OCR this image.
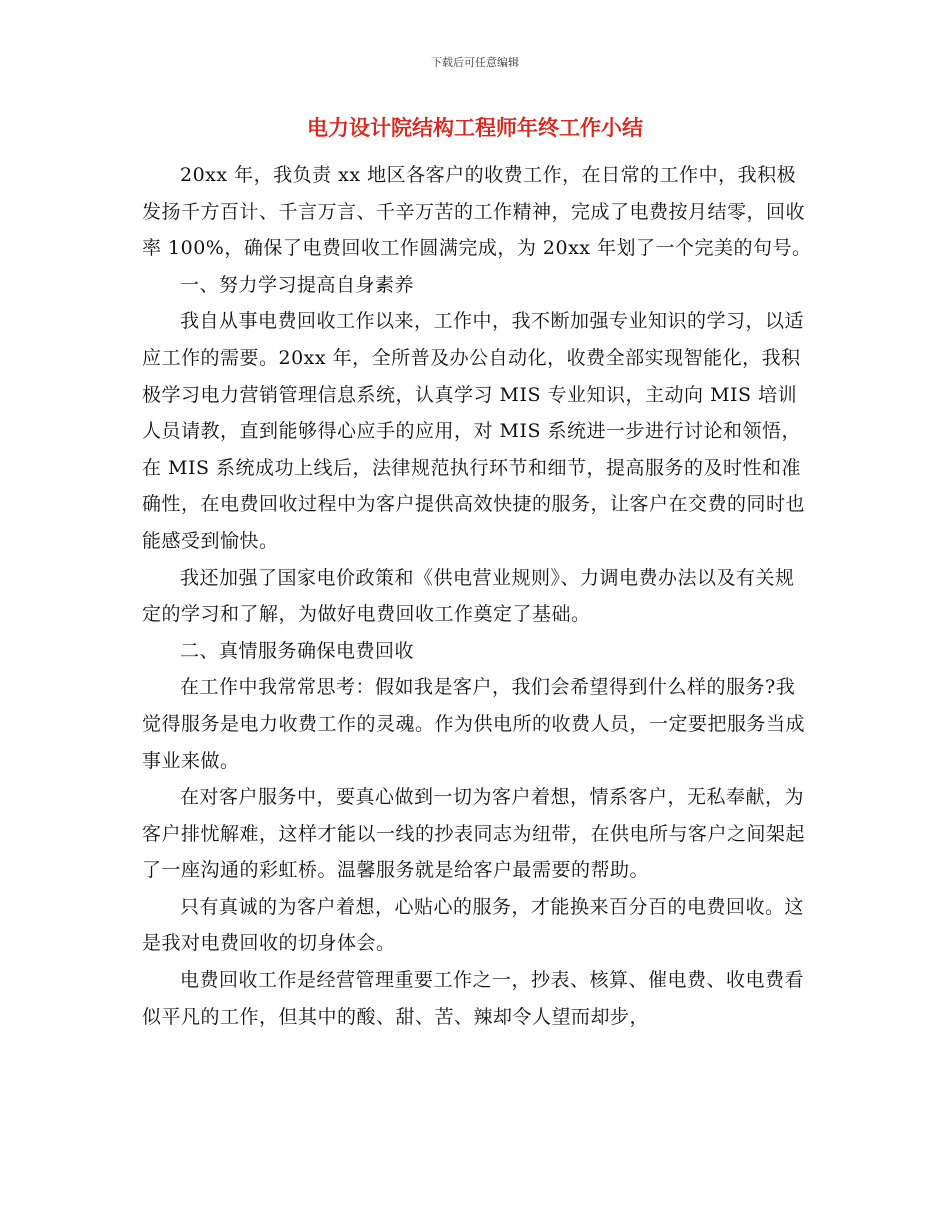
下载后可任意编辑
电力设计院结构工程师年终工作小结

20xx 年，我负责 xx 地区各客户的收费工作，在日常的工作中，我积极发扬千方百计、千言万言、千辛万苦的工作精神，完成了电费按月结零，回收率 100%，确保了电费回收工作圆满完成，为 20xx 年划了一个完美的句号。

一、努力学习提高自身素养

我自从事电费回收工作以来，工作中，我不断加强专业知识的学习，以适应工作的需要。20xx 年，全所普及办公自动化，收费全部实现智能化，我积极学习电力营销管理信息系统，认真学习 MIS 专业知识，主动向 MIS 培训人员请教，直到能够得心应手的应用，对 MIS 系统进一步进行讨论和领悟，在 MIS 系统成功上线后，法律规范执行环节和细节，提高服务的及时性和准确性，在电费回收过程中为客户提供高效快捷的服务，让客户在交费的同时也能感受到愉快。

我还加强了国家电价政策和《供电营业规则》、力调电费办法以及有关规定的学习和了解，为做好电费回收工作奠定了基础。

二、真情服务确保电费回收

在工作中我常常思考：假如我是客户，我们会希望得到什么样的服务?我觉得服务是电力收费工作的灵魂。作为供电所的收费人员，一定要把服务当成事业来做。

在对客户服务中，要真心做到一切为客户着想，情系客户，无私奉献，为客户排忧解难，这样才能以一线的抄表同志为纽带，在供电所与客户之间架起了一座沟通的彩虹桥。温馨服务就是给客户最需要的帮助。

只有真诚的为客户着想，心贴心的服务，才能换来百分百的电费回收。这是我对电费回收的切身体会。

电费回收工作是经营管理重要工作之一，抄表、核算、催电费、收电费看似平凡的工作，但其中的酸、甜、苦、辣却令人望而却步，
